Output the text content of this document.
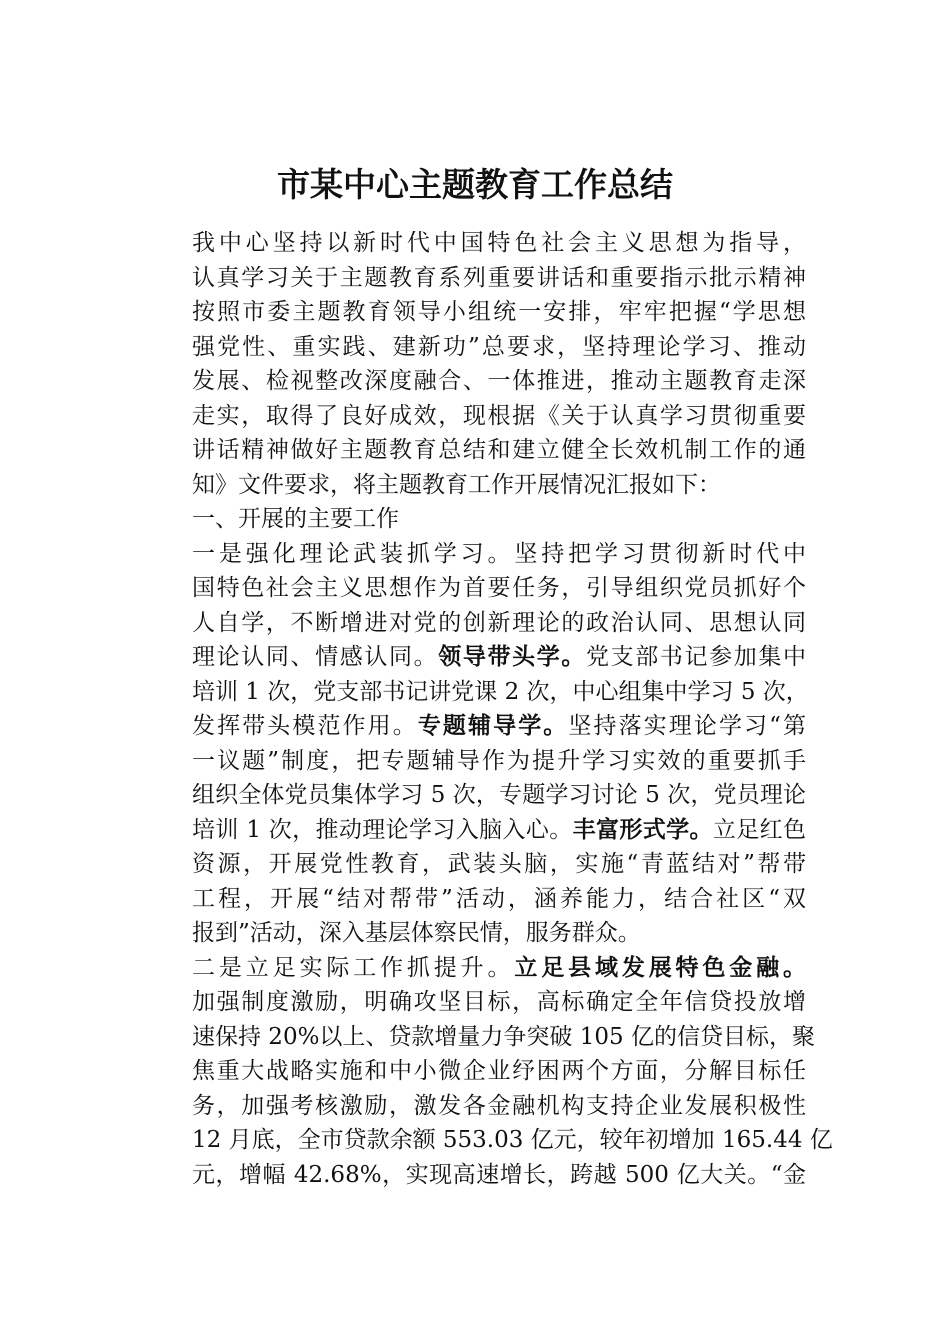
市某中心主题教育工作总结
我中心坚持以新时代中国特色社会主义思想为指导，
认真学习关于主题教育系列重要讲话和重要指示批示精神
按照市委主题教育领导小组统一安排，牢牢把握“学思想
强党性、重实践、建新功”总要求，坚持理论学习、推动
发展、检视整改深度融合、一体推进，推动主题教育走深
走实，取得了良好成效，现根据《关于认真学习贯彻重要
讲话精神做好主题教育总结和建立健全长效机制工作的通
知》文件要求，将主题教育工作开展情况汇报如下：
一、开展的主要工作
一是强化理论武装抓学习。坚持把学习贯彻新时代中
国特色社会主义思想作为首要任务，引导组织党员抓好个
人自学，不断增进对党的创新理论的政治认同、思想认同
理论认同、情感认同。领导带头学。党支部书记参加集中
培训 1 次，党支部书记讲党课 2 次，中心组集中学习 5 次，
发挥带头模范作用。专题辅导学。坚持落实理论学习“第
一议题”制度，把专题辅导作为提升学习实效的重要抓手
组织全体党员集体学习 5 次，专题学习讨论 5 次，党员理论
培训 1 次，推动理论学习入脑入心。丰富形式学。立足红色
资源，开展党性教育，武装头脑，实施“青蓝结对”帮带
工程，开展“结对帮带”活动，涵养能力，结合社区“双
报到”活动，深入基层体察民情，服务群众。
二是立足实际工作抓提升。立足县域发展特色金融。
加强制度激励，明确攻坚目标，高标确定全年信贷投放增
速保持 20%以上、贷款增量力争突破 105 亿的信贷目标，聚
焦重大战略实施和中小微企业纾困两个方面，分解目标任
务，加强考核激励，激发各金融机构支持企业发展积极性
12 月底，全市贷款余额 553.03 亿元，较年初增加 165.44 亿
元，增幅 42.68%，实现高速增长，跨越 500 亿大关。“金
